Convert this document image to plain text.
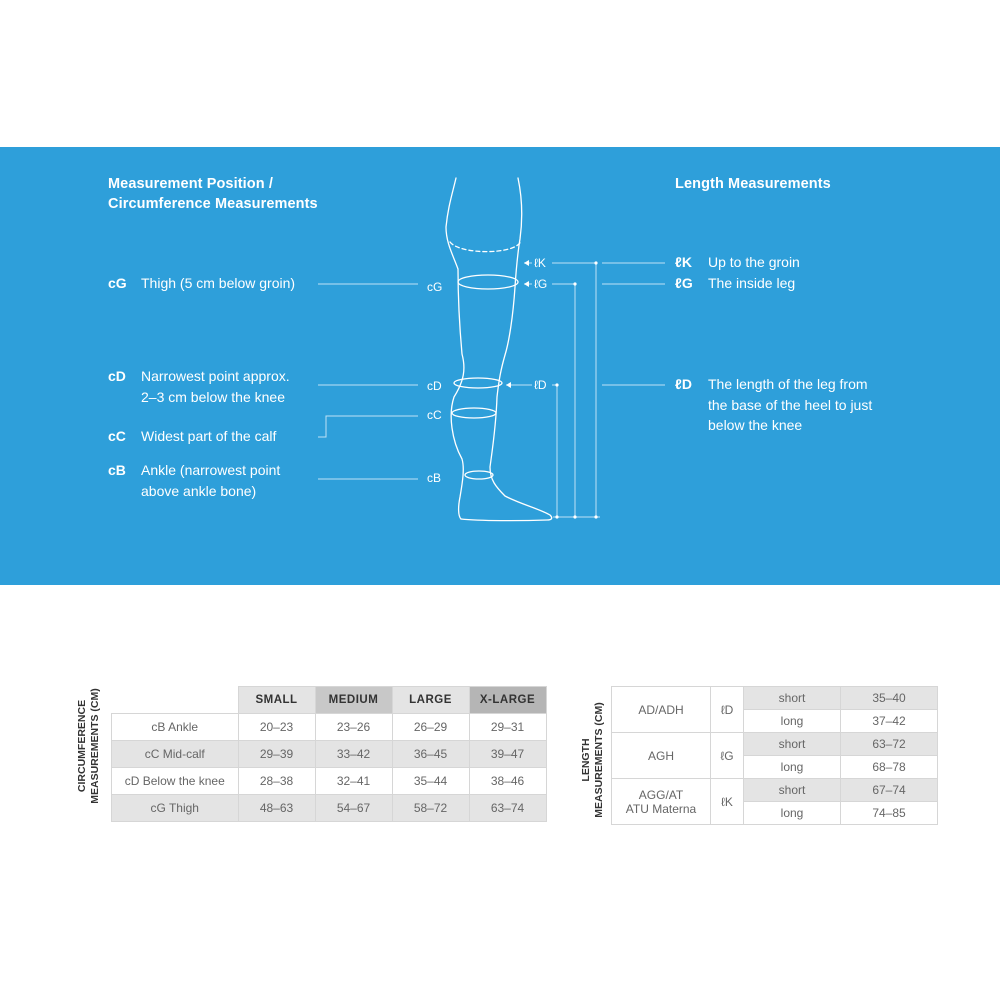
Measurement Position /
Circumference Measurements
Length Measurements
cG Thigh (5 cm below groin)
cD Narrowest point approx.
2–3 cm below the knee
cC Widest part of the calf
cB Ankle (narrowest point
above ankle bone)
ℓK Up to the groin
ℓG The inside leg
ℓD The length of the leg from
the base of the heel to just
below the knee
cG
cD
cC
cB
ℓK
ℓG
ℓD
CIRCUMFERENCE MEASUREMENTS (CM)
		SMALL	MEDIUM	LARGE	X-LARGE
cB Ankle	20–23	23–26	26–29	29–31
cC Mid-calf	29–39	33–42	36–45	39–47
cD Below the knee	28–38	32–41	35–44	38–46
cG Thigh	48–63	54–67	58–72	63–74
LENGTH MEASUREMENTS (CM)	AD/ADH	ℓD	short	35–40
		long	37–42

AGH	ℓG	short	63–72
		long	68–78

AGG/AT
ATU Materna	ℓK	short	67–74
		long	74–85
